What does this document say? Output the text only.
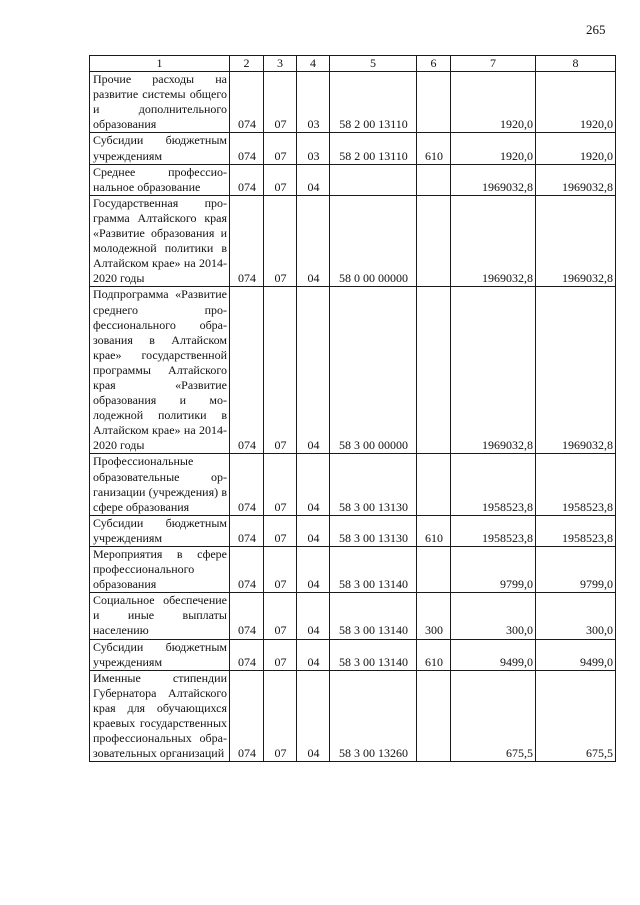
265
1	2	3	4	5	6	7	8
Прочие расходы на развитие системы общего и дополнительного образования	074	07	03	58 2 00 13110		1920,0	1920,0
Субсидии бюджетным учреждениям	074	07	03	58 2 00 13110	610	1920,0	1920,0
Среднее профессиональное образование	074	07	04			1969032,8	1969032,8
Государственная программа Алтайского края «Развитие образования и молодежной политики в Алтайском крае» на 2014-2020 годы	074	07	04	58 0 00 00000		1969032,8	1969032,8
Подпрограмма «Развитие среднего профессионального образования в Алтайском крае» государственной программы Алтайского края «Развитие образования и молодежной политики в Алтайском крае» на 2014-2020 годы	074	07	04	58 3 00 00000		1969032,8	1969032,8
Профессиональные образовательные организации (учреждения) в сфере образования	074	07	04	58 3 00 13130		1958523,8	1958523,8
Субсидии бюджетным учреждениям	074	07	04	58 3 00 13130	610	1958523,8	1958523,8
Мероприятия в сфере профессионального образования	074	07	04	58 3 00 13140		9799,0	9799,0
Социальное обеспечение и иные выплаты населению	074	07	04	58 3 00 13140	300	300,0	300,0
Субсидии бюджетным учреждениям	074	07	04	58 3 00 13140	610	9499,0	9499,0
Именные стипендии Губернатора Алтайского края для обучающихся краевых государственных профессиональных образовательных организаций	074	07	04	58 3 00 13260		675,5	675,5
